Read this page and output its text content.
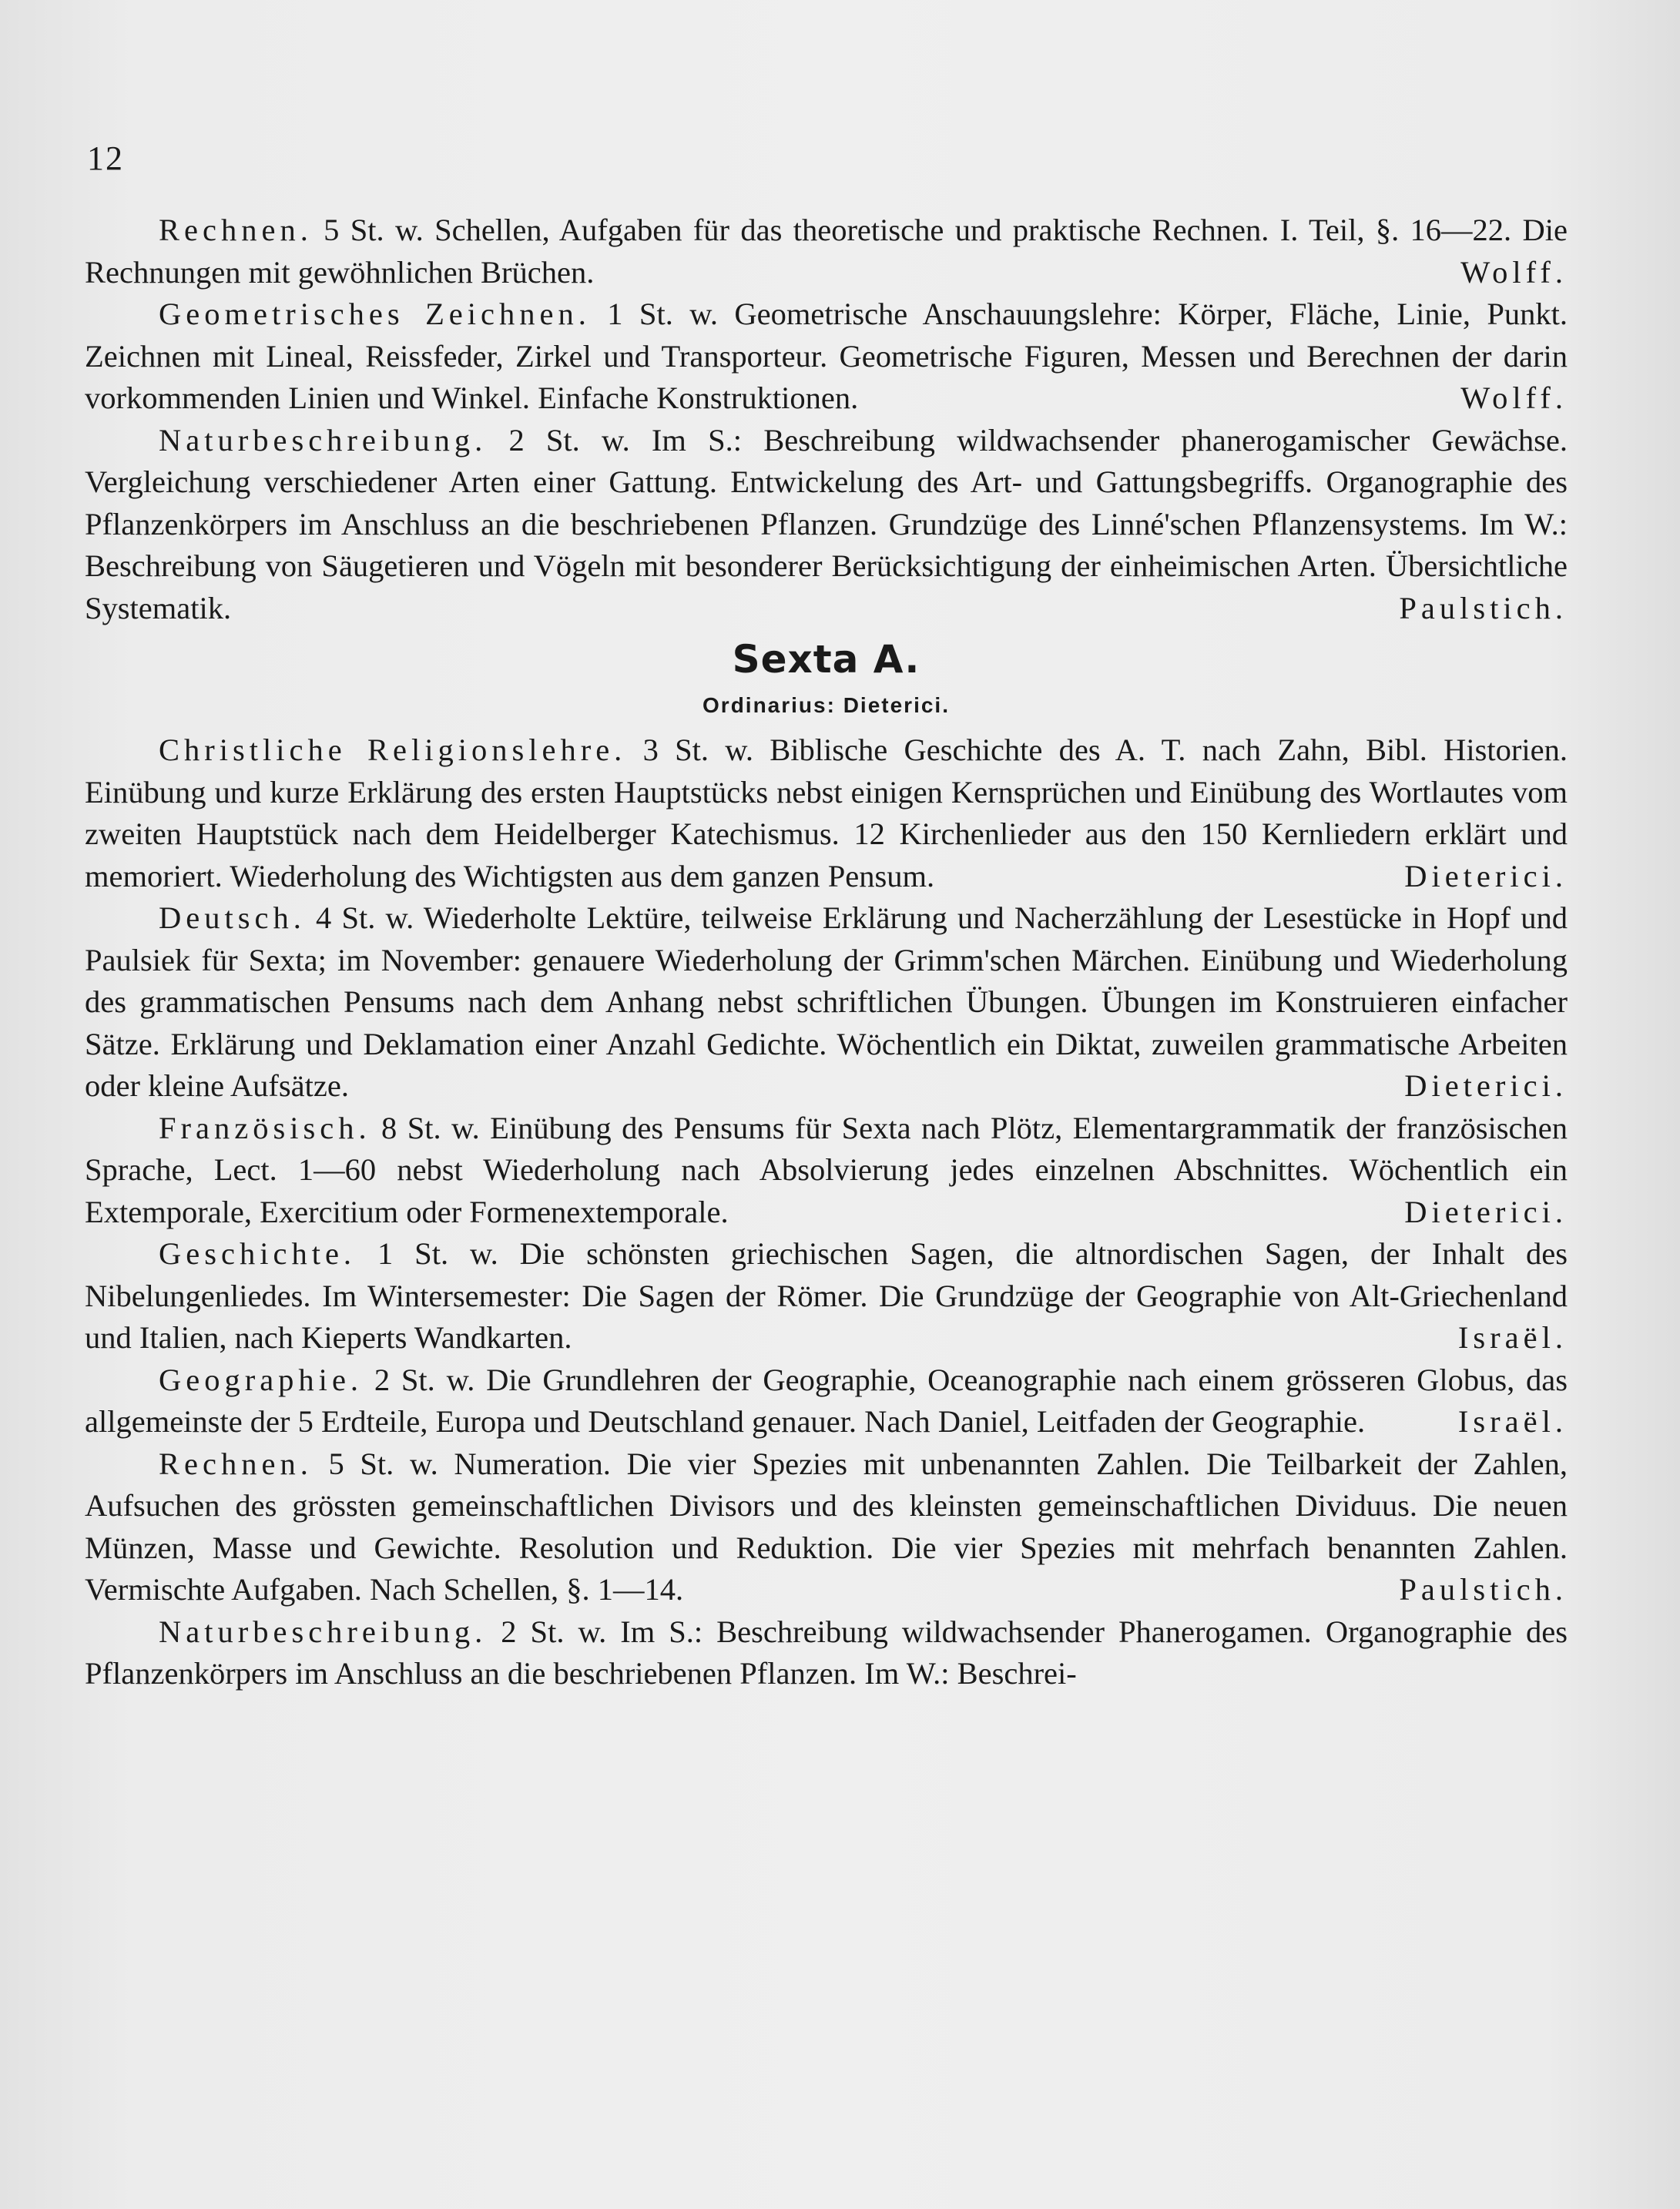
12

Rechnen. 5 St. w. Schellen, Aufgaben für das theoretische und praktische Rechnen. I. Teil, §. 16—22. Die Rechnungen mit gewöhnlichen Brüchen.	Wolff.

Geometrisches Zeichnen. 1 St. w. Geometrische Anschauungslehre: Körper, Fläche, Linie, Punkt. Zeichnen mit Lineal, Reissfeder, Zirkel und Transporteur. Geometrische Figuren, Messen und Berechnen der darin vorkommenden Linien und Winkel. Einfache Konstruktionen.	Wolff.

Naturbeschreibung. 2 St. w. Im S.: Beschreibung wildwachsender phanerogamischer Gewächse. Vergleichung verschiedener Arten einer Gattung. Entwickelung des Art- und Gattungsbegriffs. Organographie des Pflanzenkörpers im Anschluss an die beschriebenen Pflanzen. Grundzüge des Linné'schen Pflanzensystems. Im W.: Beschreibung von Säugetieren und Vögeln mit besonderer Berücksichtigung der einheimischen Arten. Übersichtliche Systematik.	Paulstich.

Sexta A.
Ordinarius: Dieterici.

Christliche Religionslehre. 3 St. w. Biblische Geschichte des A. T. nach Zahn, Bibl. Historien. Einübung und kurze Erklärung des ersten Hauptstücks nebst einigen Kernsprüchen und Einübung des Wortlautes vom zweiten Hauptstück nach dem Heidelberger Katechismus. 12 Kirchenlieder aus den 150 Kernliedern erklärt und memoriert. Wiederholung des Wichtigsten aus dem ganzen Pensum.	Dieterici.

Deutsch. 4 St. w. Wiederholte Lektüre, teilweise Erklärung und Nacherzählung der Lesestücke in Hopf und Paulsiek für Sexta; im November: genauere Wiederholung der Grimm'schen Märchen. Einübung und Wiederholung des grammatischen Pensums nach dem Anhang nebst schriftlichen Übungen. Übungen im Konstruieren einfacher Sätze. Erklärung und Deklamation einer Anzahl Gedichte. Wöchentlich ein Diktat, zuweilen grammatische Arbeiten oder kleine Aufsätze.	Dieterici.

Französisch. 8 St. w. Einübung des Pensums für Sexta nach Plötz, Elementargrammatik der französischen Sprache, Lect. 1—60 nebst Wiederholung nach Absolvierung jedes einzelnen Abschnittes. Wöchentlich ein Extemporale, Exercitium oder Formenextemporale.	Dieterici.

Geschichte. 1 St. w. Die schönsten griechischen Sagen, die altnordischen Sagen, der Inhalt des Nibelungenliedes. Im Wintersemester: Die Sagen der Römer. Die Grundzüge der Geographie von Alt-Griechenland und Italien, nach Kieperts Wandkarten.	Israël.

Geographie. 2 St. w. Die Grundlehren der Geographie, Oceanographie nach einem grösseren Globus, das allgemeinste der 5 Erdteile, Europa und Deutschland genauer. Nach Daniel, Leitfaden der Geographie.	Israël.

Rechnen. 5 St. w. Numeration. Die vier Spezies mit unbenannten Zahlen. Die Teilbarkeit der Zahlen, Aufsuchen des grössten gemeinschaftlichen Divisors und des kleinsten gemeinschaftlichen Dividuus. Die neuen Münzen, Masse und Gewichte. Resolution und Reduktion. Die vier Spezies mit mehrfach benannten Zahlen. Vermischte Aufgaben. Nach Schellen, §. 1—14.	Paulstich.

Naturbeschreibung. 2 St. w. Im S.: Beschreibung wildwachsender Phanerogamen. Organographie des Pflanzenkörpers im Anschluss an die beschriebenen Pflanzen. Im W.: Beschrei-
